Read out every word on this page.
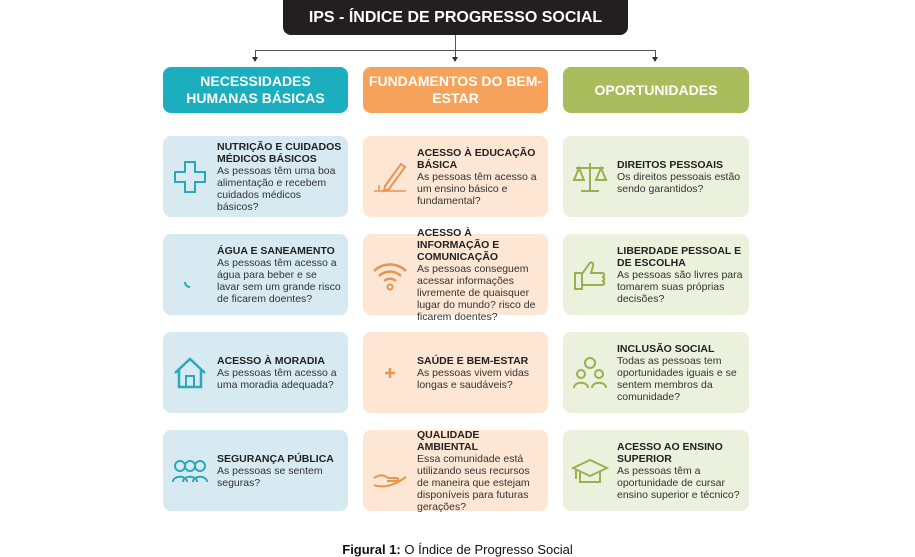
IPS - ÍNDICE DE PROGRESSO SOCIAL
NECESSIDADES HUMANAS BÁSICAS
NUTRIÇÃO E CUIDADOS MÉDICOS BÁSICOS
As pessoas têm uma boa alimentação e recebem cuidados médicos básicos?
ÁGUA E SANEAMENTO
As pessoas têm acesso a água para beber e se lavar sem um grande risco de ficarem doentes?
ACESSO À MORADIA
As pessoas têm acesso a uma moradia adequada?
SEGURANÇA PÚBLICA
As pessoas se sentem seguras?
FUNDAMENTOS DO BEM-ESTAR
ACESSO À EDUCAÇÃO BÁSICA
As pessoas têm acesso a um ensino básico e fundamental?
ACESSO À INFORMAÇÃO E COMUNICAÇÃO
As pessoas conseguem acessar informações livremente de quaisquer lugar do mundo? risco de ficarem doentes?
SAÚDE E BEM-ESTAR
As pessoas vivem vidas longas e saudáveis?
QUALIDADE AMBIENTAL
Essa comunidade está utilizando seus recursos de maneira que estejam disponíveis para futuras gerações?
OPORTUNIDADES
DIREITOS PESSOAIS
Os direitos pessoais estão sendo garantidos?
LIBERDADE PESSOAL E DE ESCOLHA
As pessoas são livres para tomarem suas próprias decisões?
INCLUSÃO SOCIAL
Todas as pessoas tem oportunidades iguais e se sentem membros da comunidade?
ACESSO AO ENSINO SUPERIOR
As pessoas têm a oportunidade de cursar ensino superior e técnico?
Figural 1: O Índice de Progresso Social
